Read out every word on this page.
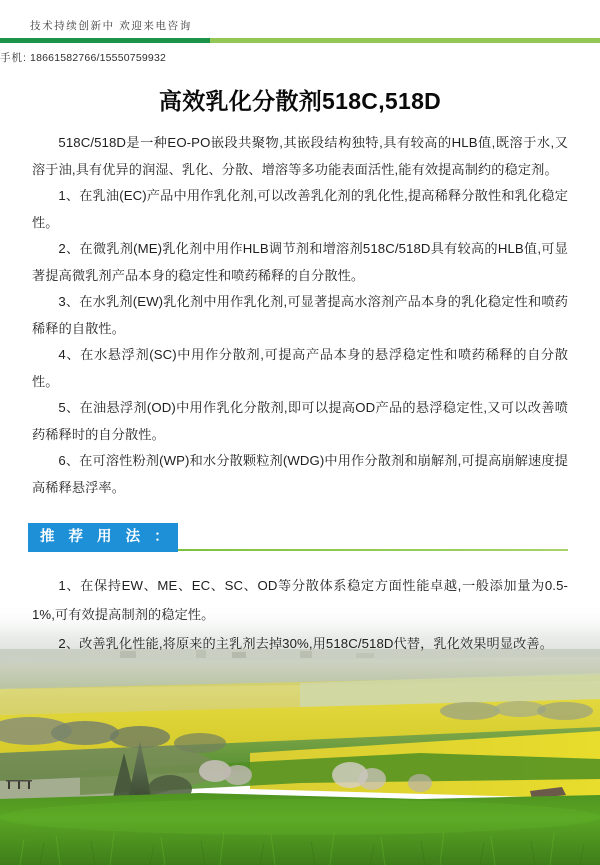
技术持续创新中 欢迎来电咨询
手机: 18661582766/15550759932
高效乳化分散剂518C,518D

518C/518D是一种EO-PO嵌段共聚物,其嵌段结构独特,具有较高的HLB值,既溶于水,又溶于油,具有优异的润湿、乳化、分散、增溶等多功能表面活性,能有效提高制约的稳定剂。

1、在乳油(EC)产品中用作乳化剂,可以改善乳化剂的乳化性,提高稀释分散性和乳化稳定性。

2、在微乳剂(ME)乳化剂中用作HLB调节剂和增溶剂518C/518D具有较高的HLB值,可显著提高微乳剂产品本身的稳定性和喷药稀释的自分散性。

3、在水乳剂(EW)乳化剂中用作乳化剂,可显著提高水溶剂产品本身的乳化稳定性和喷药稀释的自散性。

4、在水悬浮剂(SC)中用作分散剂,可提高产品本身的悬浮稳定性和喷药稀释的自分散性。

5、在油悬浮剂(OD)中用作乳化分散剂,即可以提高OD产品的悬浮稳定性,又可以改善喷药稀释时的自分散性。

6、在可溶性粉剂(WP)和水分散颗粒剂(WDG)中用作分散剂和崩解剂,可提高崩解速度提高稀释悬浮率。

推 荐 用 法 ：

1、在保持EW、ME、EC、SC、OD等分散体系稳定方面性能卓越,一般添加量为0.5-1%,可有效提高制剂的稳定性。

2、改善乳化性能,将原来的主乳剂去掉30%,用518C/518D代替，乳化效果明显改善。
